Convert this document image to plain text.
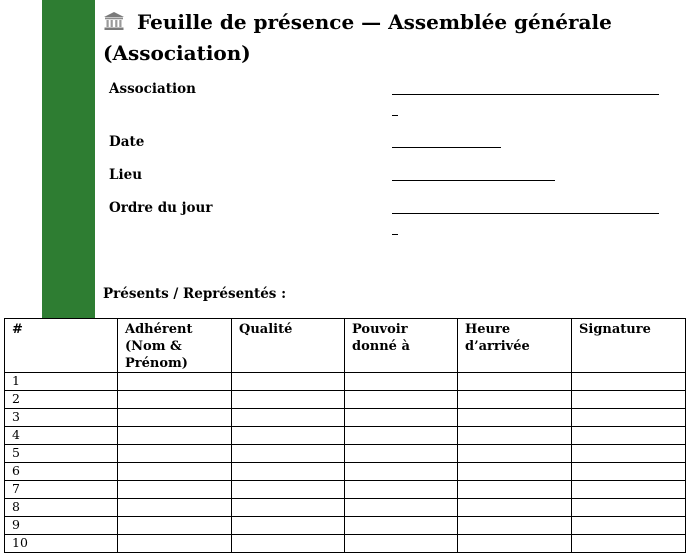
Feuille de présence — Assemblée générale (Association)
Association
Date
Lieu
Ordre du jour
Présents / Représentés :
#	Adhérent (Nom & Prénom)	Qualité	Pouvoir donné à	Heure d’arrivée	Signature
1					
2					
3					
4					
5					
6					
7					
8					
9					
10					
